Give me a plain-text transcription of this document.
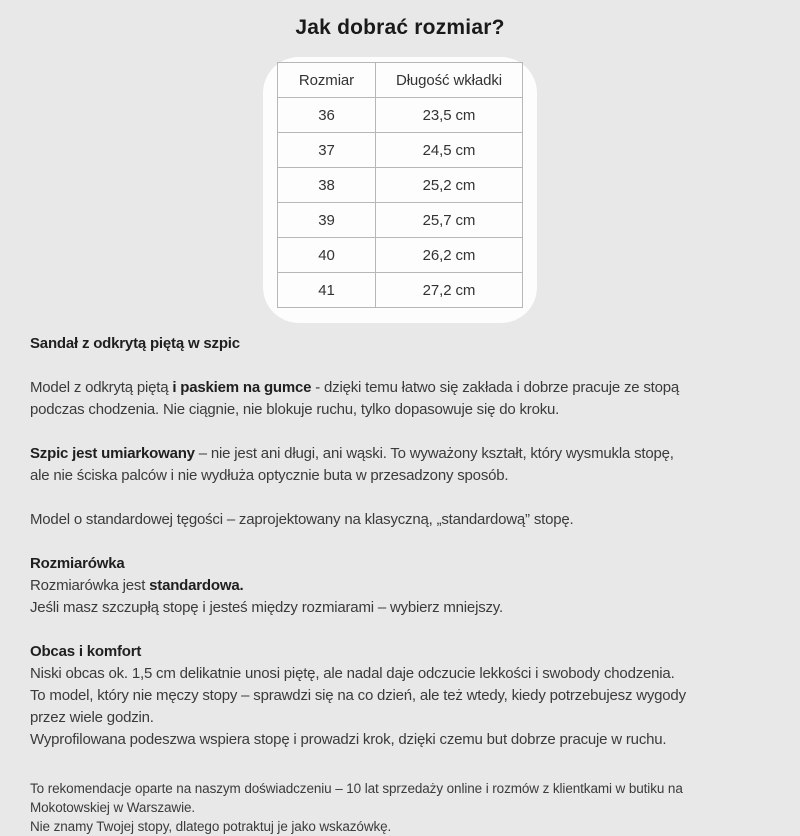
Jak dobrać rozmiar?
Rozmiar	Długość wkładki
36	23,5 cm
37	24,5 cm
38	25,2 cm
39	25,7 cm
40	26,2 cm
41	27,2 cm

Sandał z odkrytą piętą w szpic

Model z odkrytą piętą i paskiem na gumce - dzięki temu łatwo się zakłada i dobrze pracuje ze stopą
podczas chodzenia. Nie ciągnie, nie blokuje ruchu, tylko dopasowuje się do kroku.

Szpic jest umiarkowany – nie jest ani długi, ani wąski. To wyważony kształt, który wysmukla stopę,
ale nie ściska palców i nie wydłuża optycznie buta w przesadzony sposób.

Model o standardowej tęgości – zaprojektowany na klasyczną, „standardową” stopę.

Rozmiarówka
Rozmiarówka jest standardowa.
Jeśli masz szczupłą stopę i jesteś między rozmiarami – wybierz mniejszy.

Obcas i komfort
Niski obcas ok. 1,5 cm delikatnie unosi piętę, ale nadal daje odczucie lekkości i swobody chodzenia.
To model, który nie męczy stopy – sprawdzi się na co dzień, ale też wtedy, kiedy potrzebujesz wygody
przez wiele godzin.
Wyprofilowana podeszwa wspiera stopę i prowadzi krok, dzięki czemu but dobrze pracuje w ruchu.

To rekomendacje oparte na naszym doświadczeniu – 10 lat sprzedaży online i rozmów z klientkami w butiku na
Mokotowskiej w Warszawie.
Nie znamy Twojej stopy, dlatego potraktuj je jako wskazówkę.
